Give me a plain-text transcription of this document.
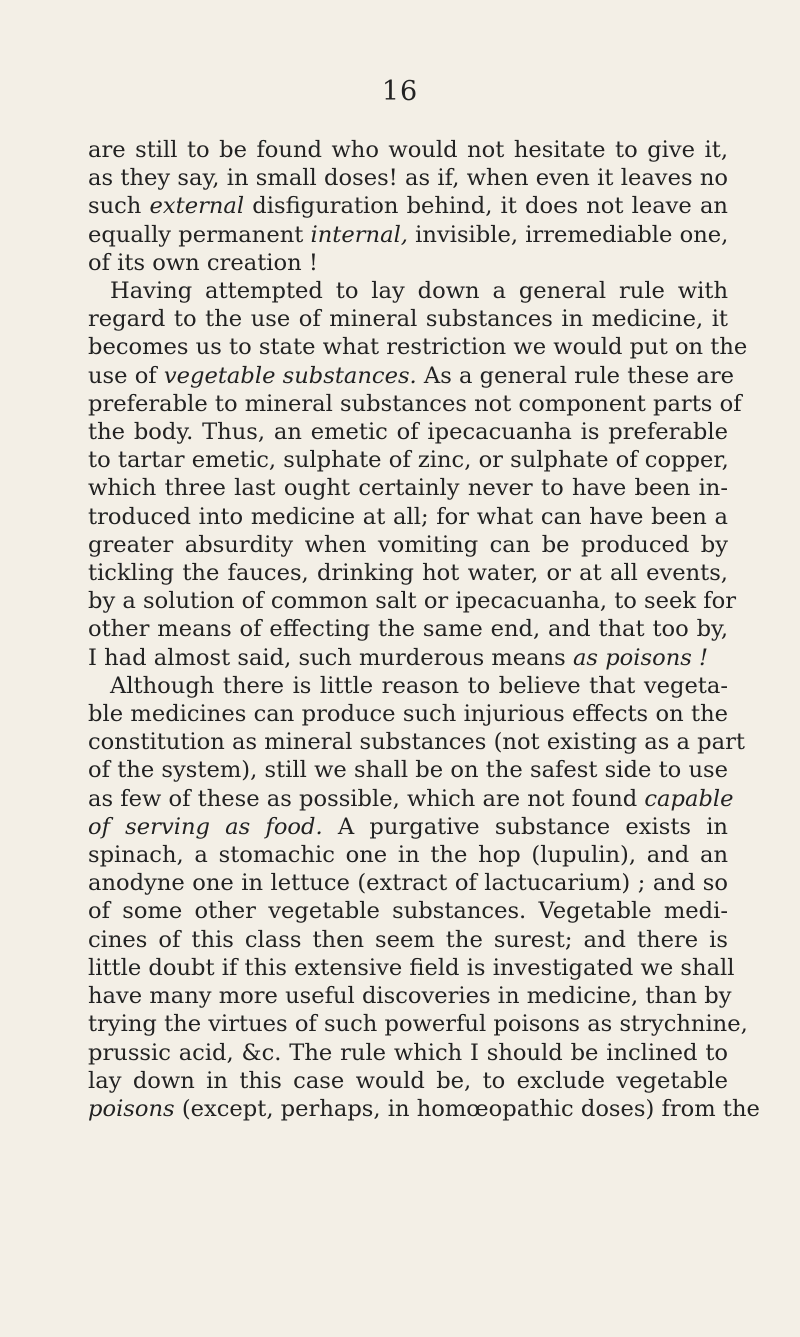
16
are still to be found who would not hesitate to give it,
as they say, in small doses! as if, when even it leaves no
such external disfiguration behind, it does not leave an
equally permanent internal, invisible, irremediable one,
of its own creation !
Having attempted to lay down a general rule with
regard to the use of mineral substances in medicine, it
becomes us to state what restriction we would put on the
use of vegetable substances. As a general rule these are
preferable to mineral substances not component parts of
the body. Thus, an emetic of ipecacuanha is preferable
to tartar emetic, sulphate of zinc, or sulphate of copper,
which three last ought certainly never to have been in-
troduced into medicine at all; for what can have been a
greater absurdity when vomiting can be produced by
tickling the fauces, drinking hot water, or at all events,
by a solution of common salt or ipecacuanha, to seek for
other means of effecting the same end, and that too by,
I had almost said, such murderous means as poisons !
Although there is little reason to believe that vegeta-
ble medicines can produce such injurious effects on the
constitution as mineral substances (not existing as a part
of the system), still we shall be on the safest side to use
as few of these as possible, which are not found capable
of serving as food. A purgative substance exists in
spinach, a stomachic one in the hop (lupulin), and an
anodyne one in lettuce (extract of lactucarium) ; and so
of some other vegetable substances. Vegetable medi-
cines of this class then seem the surest; and there is
little doubt if this extensive field is investigated we shall
have many more useful discoveries in medicine, than by
trying the virtues of such powerful poisons as strychnine,
prussic acid, &c. The rule which I should be inclined to
lay down in this case would be, to exclude vegetable
poisons (except, perhaps, in homœopathic doses) from the
